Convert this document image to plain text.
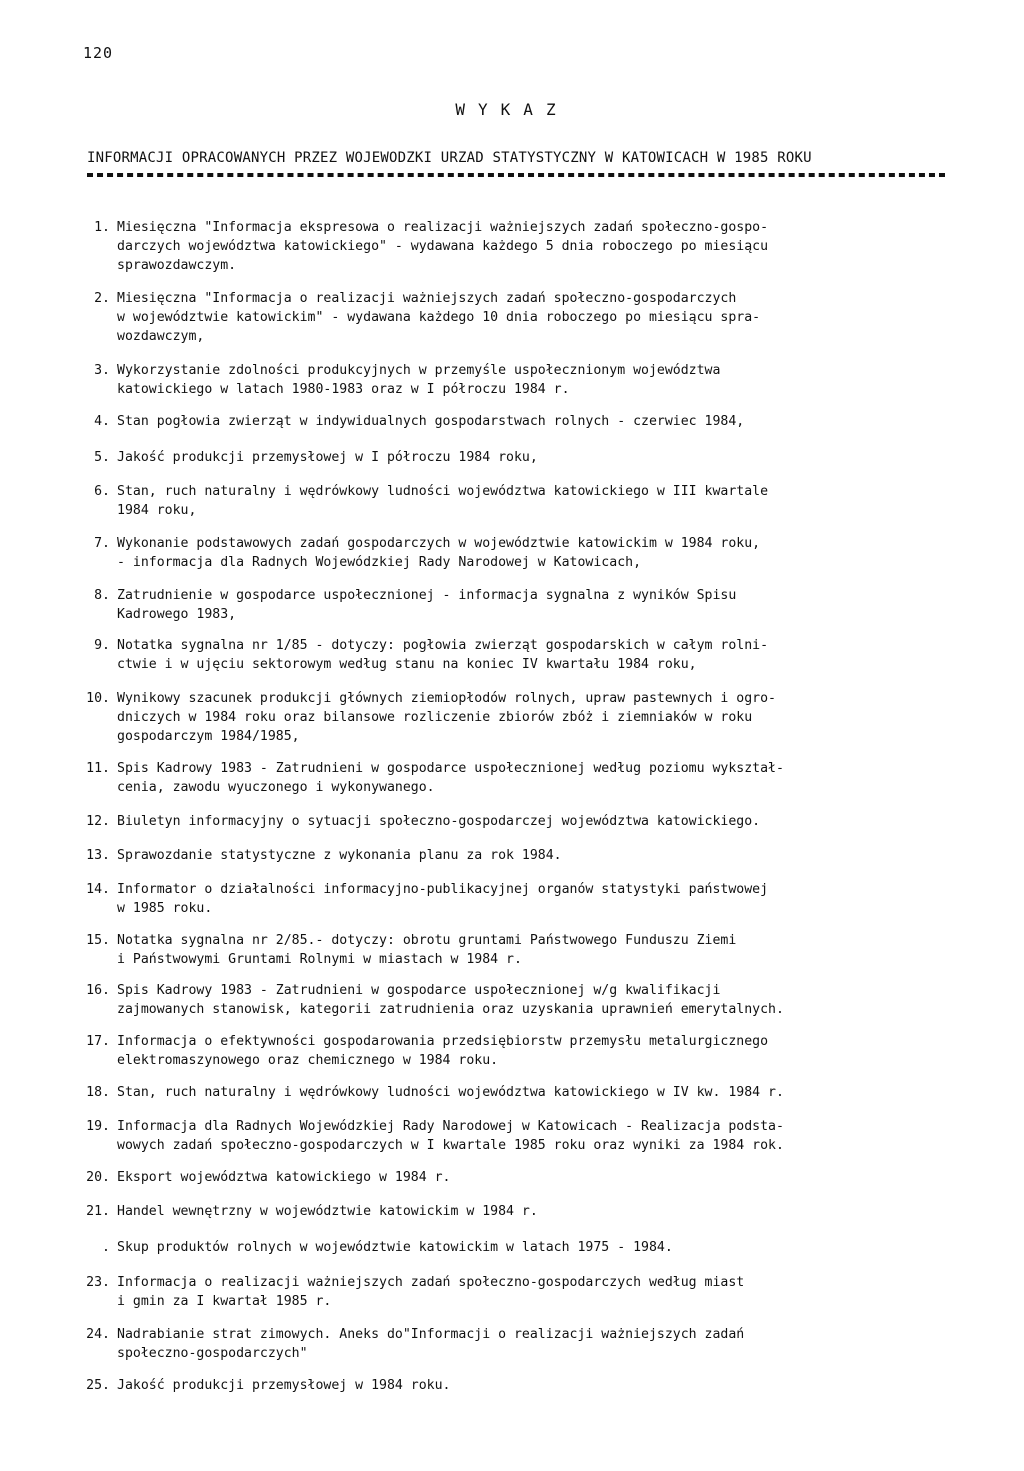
120
WYKAZ
INFORMACJI OPRACOWANYCH PRZEZ WOJEWODZKI URZAD STATYSTYCZNY W KATOWICACH W 1985 ROKU
1. Miesięczna "Informacja ekspresowa o realizacji ważniejszych zadań społeczno-gospo-
darczych województwa katowickiego" - wydawana każdego 5 dnia roboczego po miesiącu
sprawozdawczym.
2. Miesięczna "Informacja o realizacji ważniejszych zadań społeczno-gospodarczych
w województwie katowickim" - wydawana każdego 10 dnia roboczego po miesiącu spra-
wozdawczym,
3. Wykorzystanie zdolności produkcyjnych w przemyśle uspołecznionym województwa
katowickiego w latach 1980-1983 oraz w I półroczu 1984 r.
4. Stan pogłowia zwierząt w indywidualnych gospodarstwach rolnych - czerwiec 1984,
5. Jakość produkcji przemysłowej w I półroczu 1984 roku,
6. Stan, ruch naturalny i wędrówkowy ludności województwa katowickiego w III kwartale
1984 roku,
7. Wykonanie podstawowych zadań gospodarczych w województwie katowickim w 1984 roku,
- informacja dla Radnych Wojewódzkiej Rady Narodowej w Katowicach,
8. Zatrudnienie w gospodarce uspołecznionej - informacja sygnalna z wyników Spisu
Kadrowego 1983,
9. Notatka sygnalna nr 1/85 - dotyczy: pogłowia zwierząt gospodarskich w całym rolni-
ctwie i w ujęciu sektorowym według stanu na koniec IV kwartału 1984 roku,
10. Wynikowy szacunek produkcji głównych ziemiopłodów rolnych, upraw pastewnych i ogro-
dniczych w 1984 roku oraz bilansowe rozliczenie zbiorów zbóż i ziemniaków w roku
gospodarczym 1984/1985,
11. Spis Kadrowy 1983 - Zatrudnieni w gospodarce uspołecznionej według poziomu wykształ-
cenia, zawodu wyuczonego i wykonywanego.
12. Biuletyn informacyjny o sytuacji społeczno-gospodarczej województwa katowickiego.
13. Sprawozdanie statystyczne z wykonania planu za rok 1984.
14. Informator o działalności informacyjno-publikacyjnej organów statystyki państwowej
w 1985 roku.
15. Notatka sygnalna nr 2/85.- dotyczy: obrotu gruntami Państwowego Funduszu Ziemi
i Państwowymi Gruntami Rolnymi w miastach w 1984 r.
16. Spis Kadrowy 1983 - Zatrudnieni w gospodarce uspołecznionej w/g kwalifikacji
zajmowanych stanowisk, kategorii zatrudnienia oraz uzyskania uprawnień emerytalnych.
17. Informacja o efektywności gospodarowania przedsiębiorstw przemysłu metalurgicznego
elektromaszynowego oraz chemicznego w 1984 roku.
18. Stan, ruch naturalny i wędrówkowy ludności województwa katowickiego w IV kw. 1984 r.
19. Informacja dla Radnych Wojewódzkiej Rady Narodowej w Katowicach - Realizacja podsta-
wowych zadań społeczno-gospodarczych w I kwartale 1985 roku oraz wyniki za 1984 rok.
20. Eksport województwa katowickiego w 1984 r.
21. Handel wewnętrzny w województwie katowickim w 1984 r.
. Skup produktów rolnych w województwie katowickim w latach 1975 - 1984.
23. Informacja o realizacji ważniejszych zadań społeczno-gospodarczych według miast
i gmin za I kwartał 1985 r.
24. Nadrabianie strat zimowych. Aneks do"Informacji o realizacji ważniejszych zadań
społeczno-gospodarczych"
25. Jakość produkcji przemysłowej w 1984 roku.
